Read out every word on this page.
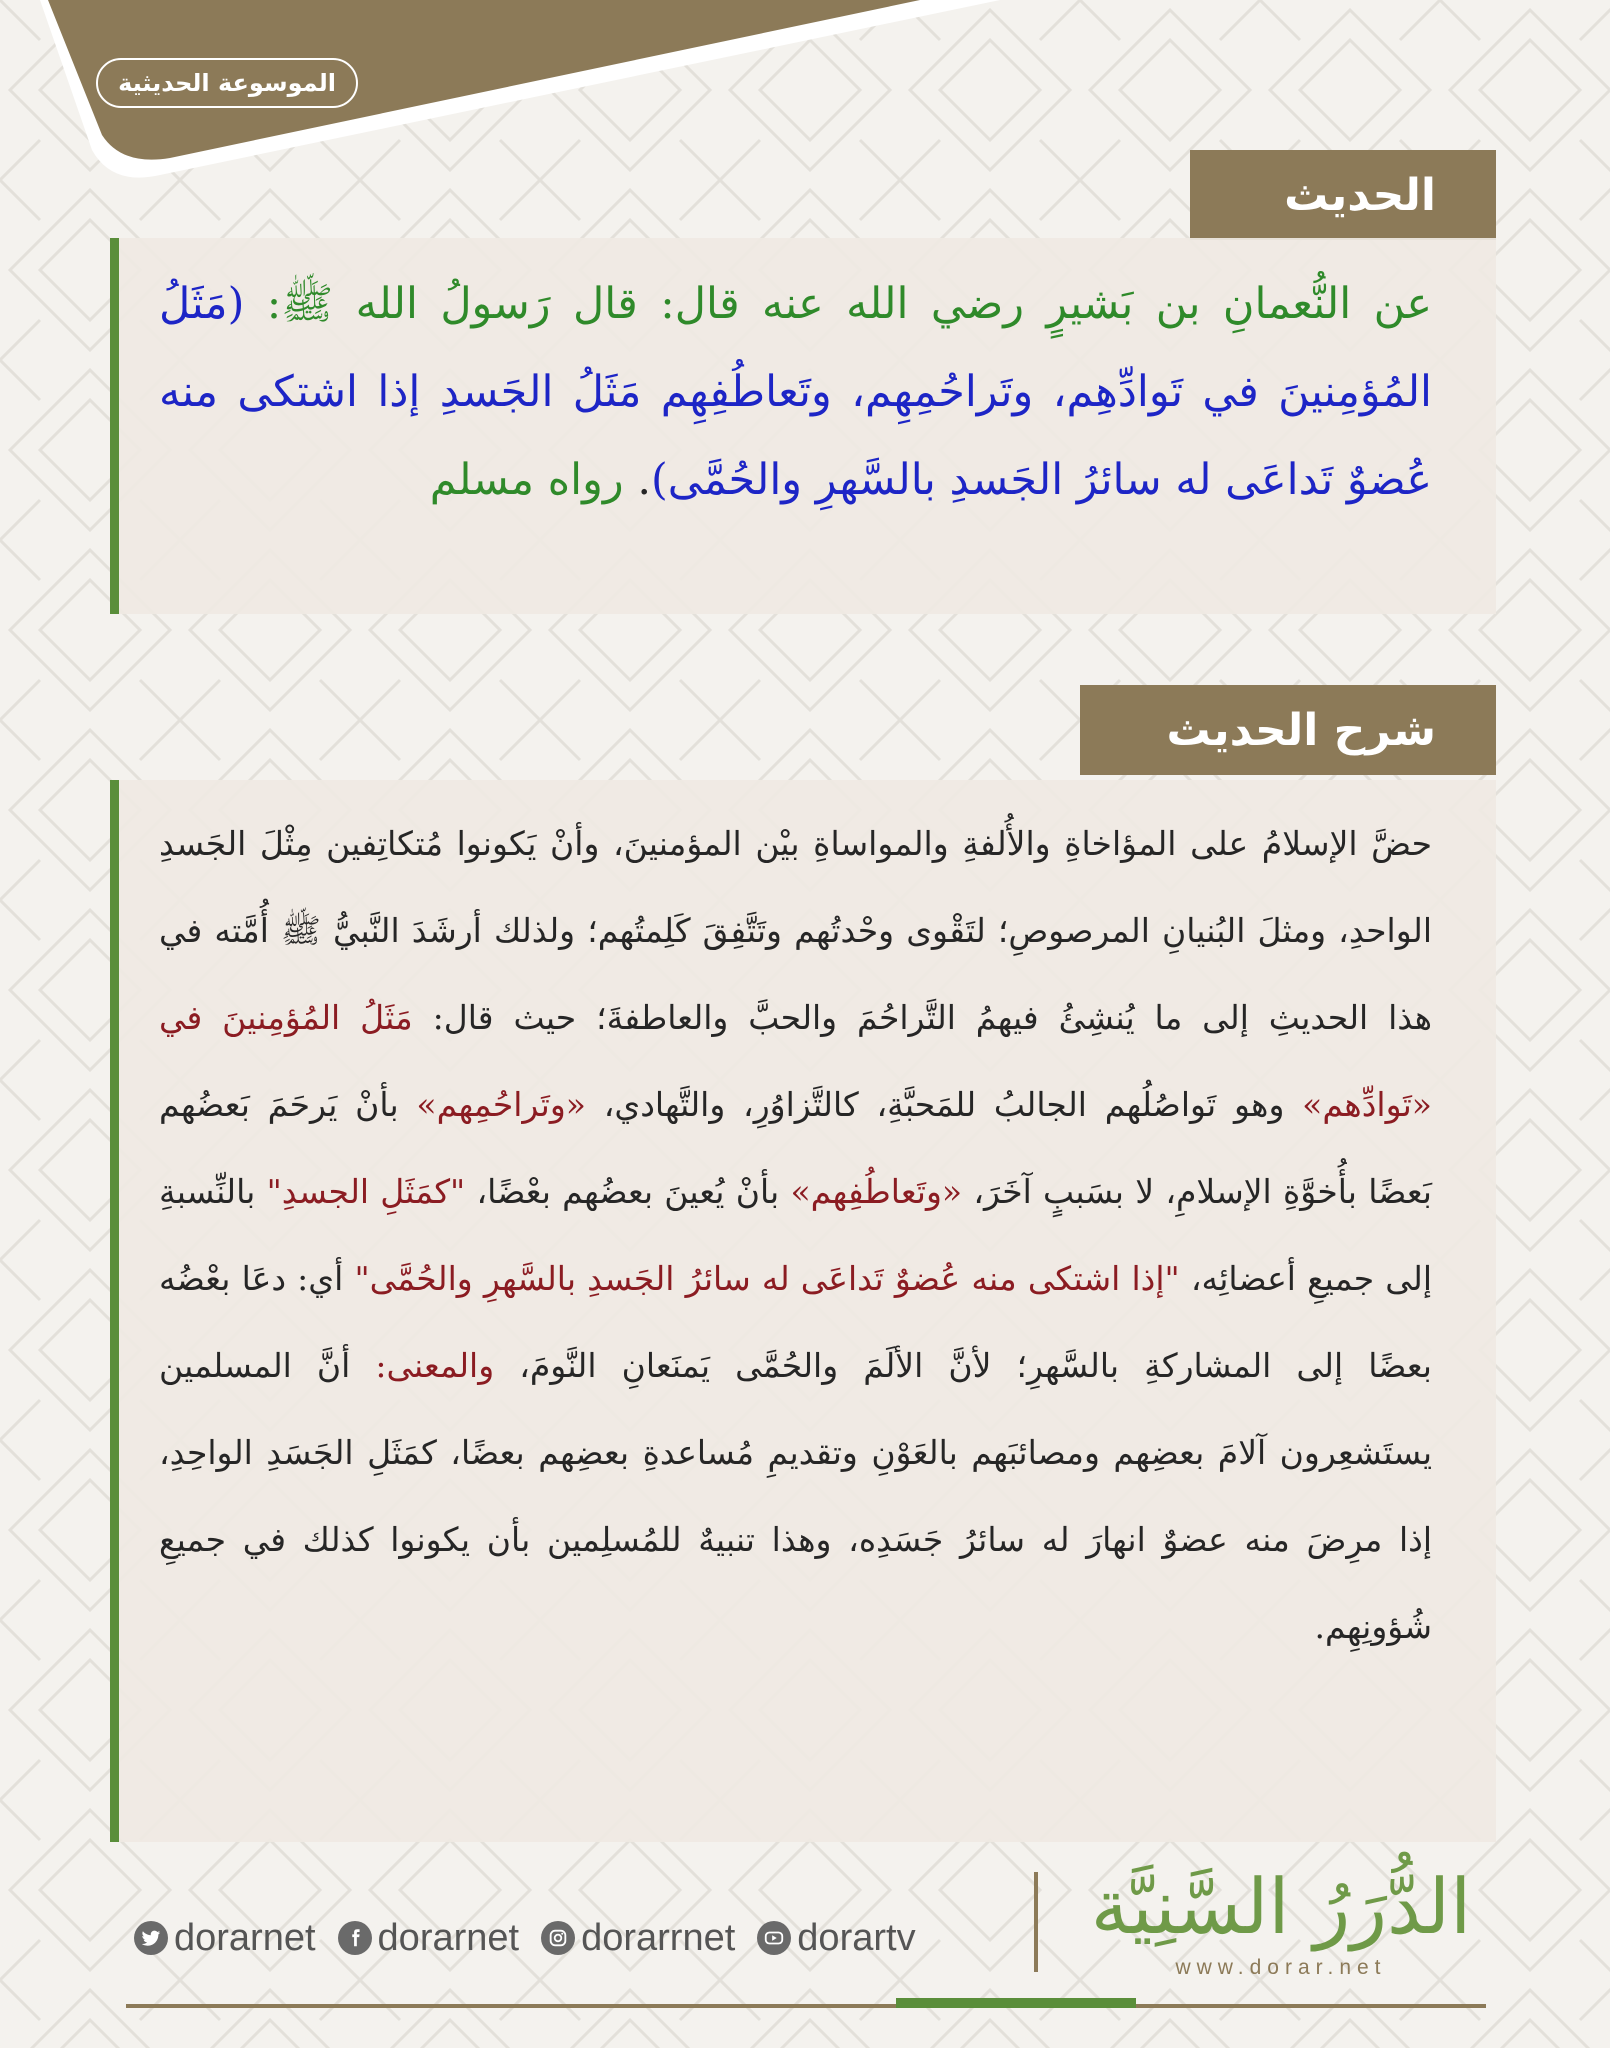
الموسوعة الحديثية
الحديث

عن النُّعمانِ بن بَشيرٍ رضي الله عنه قال: قال رَسولُ الله ﷺ: (مَثَلُ المُؤمِنينَ في تَوادِّهِم، وتَراحُمِهِم، وتَعاطُفِهِم مَثَلُ الجَسدِ إذا اشتكى منه عُضوٌ تَداعَى له سائرُ الجَسدِ بالسَّهرِ والحُمَّى). رواه مسلم

شرح الحديث

حضَّ الإسلامُ على المؤاخاةِ والأُلفةِ والمواساةِ بيْن المؤمنينَ، وأنْ يَكونوا مُتكاتِفين مِثْلَ الجَسدِ الواحدِ، ومثلَ البُنيانِ المرصوصِ؛ لتَقْوى وحْدتُهم وتَتَّفِقَ كَلِمتُهم؛ ولذلك أرشَدَ النَّبيُّ ﷺ أُمَّته في هذا الحديثِ إلى ما يُنشِئُ فيهمُ التَّراحُمَ والحبَّ والعاطفةَ؛ حيث قال: مَثَلُ المُؤمِنينَ في «تَوادِّهم» وهو تَواصُلُهم الجالبُ للمَحبَّةِ، كالتَّزاوُرِ، والتَّهادي، «وتَراحُمِهم» بأنْ يَرحَمَ بَعضُهم بَعضًا بأُخوَّةِ الإسلامِ، لا بسَببٍ آخَرَ، «وتَعاطُفِهم» بأنْ يُعينَ بعضُهم بعْضًا، "كمَثَلِ الجسدِ" بالنِّسبةِ إلى جميعِ أعضائِه، "إذا اشتكى منه عُضوٌ تَداعَى له سائرُ الجَسدِ بالسَّهرِ والحُمَّى" أي: دعَا بعْضُه بعضًا إلى المشاركةِ بالسَّهرِ؛ لأنَّ الألَمَ والحُمَّى يَمنَعانِ النَّومَ، والمعنى: أنَّ المسلمين يستَشعِرون آلامَ بعضِهم ومصائبَهم بالعَوْنِ وتقديمِ مُساعدةِ بعضِهم بعضًا، كمَثَلِ الجَسَدِ الواحِدِ، إذا مرِضَ منه عضوٌ انهارَ له سائرُ جَسَدِه، وهذا تنبيهٌ للمُسلِمين بأن يكونوا كذلك في جميعِ شُؤونِهِم.

dorarnet dorarnet dorarrnet dorartv الدُّرَرُ السَّنِيَّة
www.dorar.net
